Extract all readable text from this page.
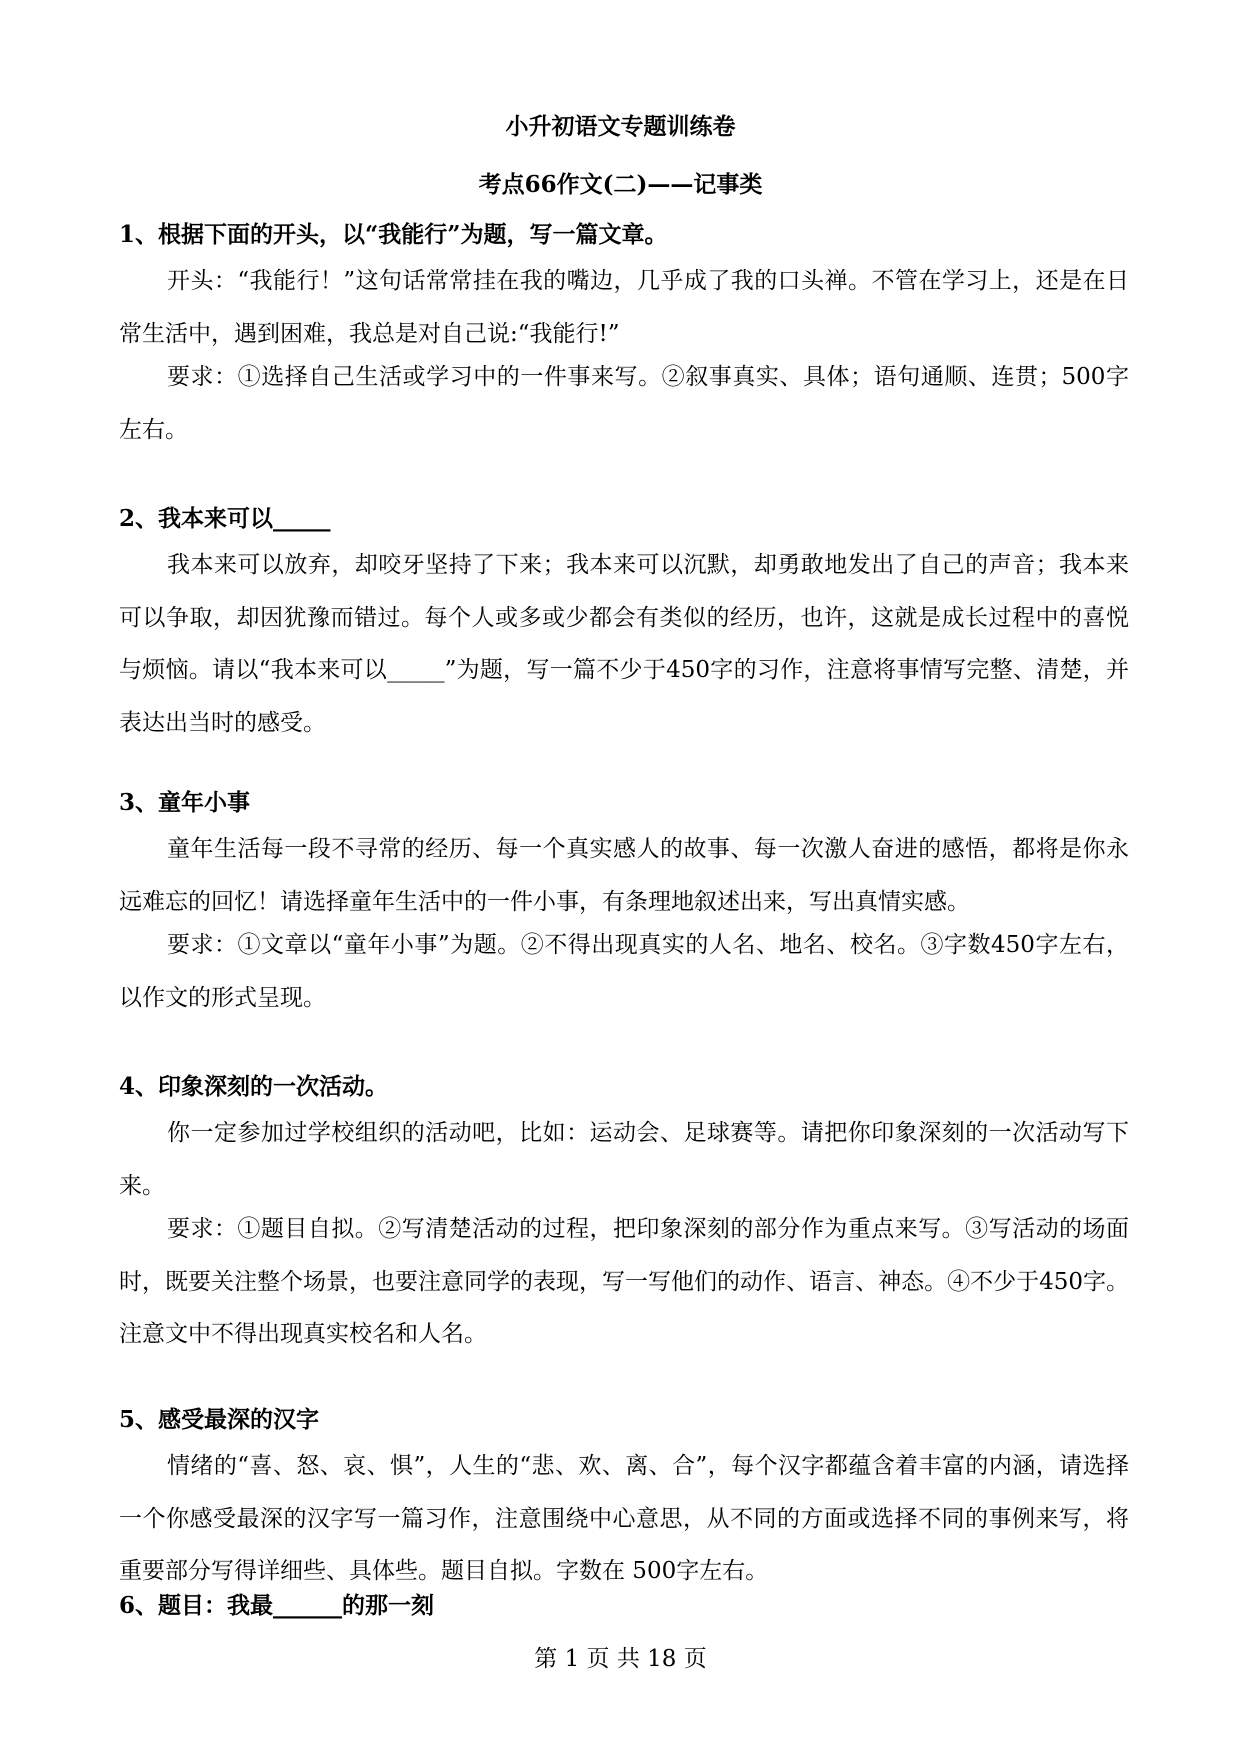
小升初语文专题训练卷
考点66作文(二)——记事类
1、根据下面的开头，以“我能行”为题，写一篇文章。
开头：“我能行！”这句话常常挂在我的嘴边，几乎成了我的口头禅。不管在学习上，还是在日常生活中，遇到困难，我总是对自己说:“我能行!”
要求：①选择自己生活或学习中的一件事来写。②叙事真实、具体；语句通顺、连贯；500字左右。
2、我本来可以_____
我本来可以放弃，却咬牙坚持了下来；我本来可以沉默，却勇敢地发出了自己的声音；我本来可以争取，却因犹豫而错过。每个人或多或少都会有类似的经历，也许，这就是成长过程中的喜悦与烦恼。请以“我本来可以_____”为题，写一篇不少于450字的习作，注意将事情写完整、清楚，并表达出当时的感受。
3、童年小事
童年生活每一段不寻常的经历、每一个真实感人的故事、每一次激人奋进的感悟，都将是你永远难忘的回忆！请选择童年生活中的一件小事，有条理地叙述出来，写出真情实感。
要求：①文章以“童年小事”为题。②不得出现真实的人名、地名、校名。③字数450字左右，以作文的形式呈现。
4、印象深刻的一次活动。
你一定参加过学校组织的活动吧，比如：运动会、足球赛等。请把你印象深刻的一次活动写下来。
要求：①题目自拟。②写清楚活动的过程，把印象深刻的部分作为重点来写。③写活动的场面时，既要关注整个场景，也要注意同学的表现，写一写他们的动作、语言、神态。④不少于450字。注意文中不得出现真实校名和人名。
5、感受最深的汉字
情绪的“喜、怒、哀、惧”，人生的“悲、欢、离、合”，每个汉字都蕴含着丰富的内涵，请选择一个你感受最深的汉字写一篇习作，注意围绕中心意思，从不同的方面或选择不同的事例来写，将重要部分写得详细些、具体些。题目自拟。字数在 500字左右。
6、题目：我最______的那一刻
第 1 页 共 18 页
